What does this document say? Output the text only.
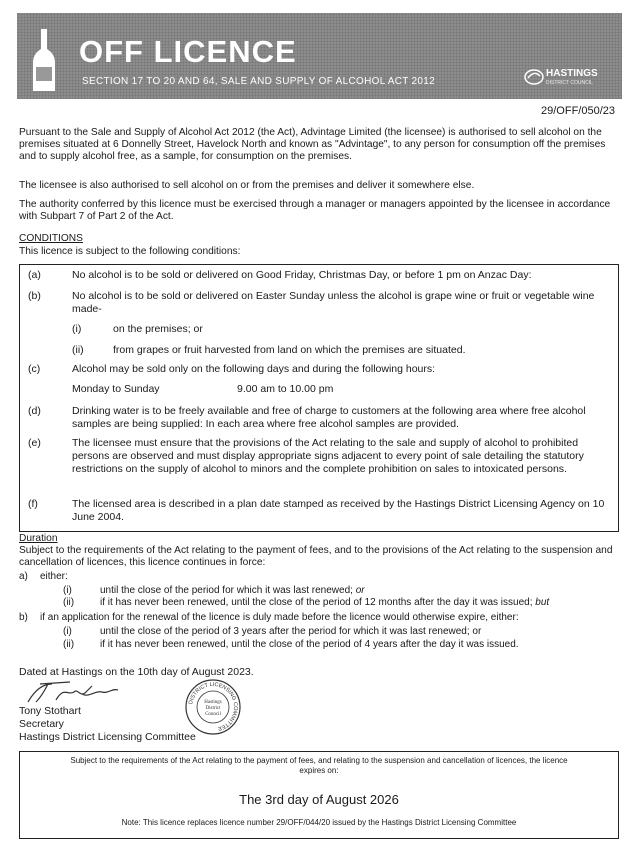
OFF LICENCE
SECTION 17 TO 20 AND 64, SALE AND SUPPLY OF ALCOHOL ACT 2012
HASTINGS
DISTRICT COUNCIL
29/OFF/050/23

Pursuant to the Sale and Supply of Alcohol Act 2012 (the Act), Advintage Limited (the licensee) is authorised to sell alcohol on the premises situated at 6 Donnelly Street, Havelock North and known as "Advintage", to any person for consumption off the premises and to supply alcohol free, as a sample, for consumption on the premises.

The licensee is also authorised to sell alcohol on or from the premises and deliver it somewhere else.

The authority conferred by this licence must be exercised through a manager or managers appointed by the licensee in accordance with Subpart 7 of Part 2 of the Act.

CONDITIONS
This licence is subject to the following conditions:
(a)	No alcohol is to be sold or delivered on Good Friday, Christmas Day, or before 1 pm on Anzac Day:

(b)	No alcohol is to be sold or delivered on Easter Sunday unless the alcohol is grape wine or fruit or vegetable wine made-

(i)	on the premises; or
(ii)	from grapes or fruit harvested from land on which the premises are situated.
(c)	Alcohol may be sold only on the following days and during the following hours:

Monday to Sunday	9.00 am to 10.00 pm
(d)	Drinking water is to be freely available and free of charge to customers at the following area where free alcohol samples are being supplied: In each area where free alcohol samples are provided.

(e)	The licensee must ensure that the provisions of the Act relating to the sale and supply of alcohol to prohibited persons are observed and must display appropriate signs adjacent to every point of sale detailing the statutory restrictions on the supply of alcohol to minors and the complete prohibition on sales to intoxicated persons.

(f)	The licensed area is described in a plan date stamped as received by the Hastings District Licensing Agency on 10 June 2004.

Duration

Subject to the requirements of the Act relating to the payment of fees, and to the provisions of the Act relating to the suspension and cancellation of licences, this licence continues in force:

a) either:
(i)	until the close of the period for which it was last renewed; or
(ii)	if it has never been renewed, until the close of the period of 12 months after the day it was issued; but
b) if an application for the renewal of the licence is duly made before the licence would otherwise expire, either:
(i)	until the close of the period of 3 years after the period for which it was last renewed; or
(ii)	if it has never been renewed, until the close of the period of 4 years after the day it was issued.
Dated at Hastings on the 10th day of August 2023.
Tony Stothart
Secretary
Hastings District Licensing Committee
DISTRICT LICENSING COMMITTEE
Hastings
District
Council
Subject to the requirements of the Act relating to the payment of fees, and relating to the suspension and cancellation of licences, the licence
expires on:
The 3rd day of August 2026
Note: This licence replaces licence number 29/OFF/044/20 issued by the Hastings District Licensing Committee
